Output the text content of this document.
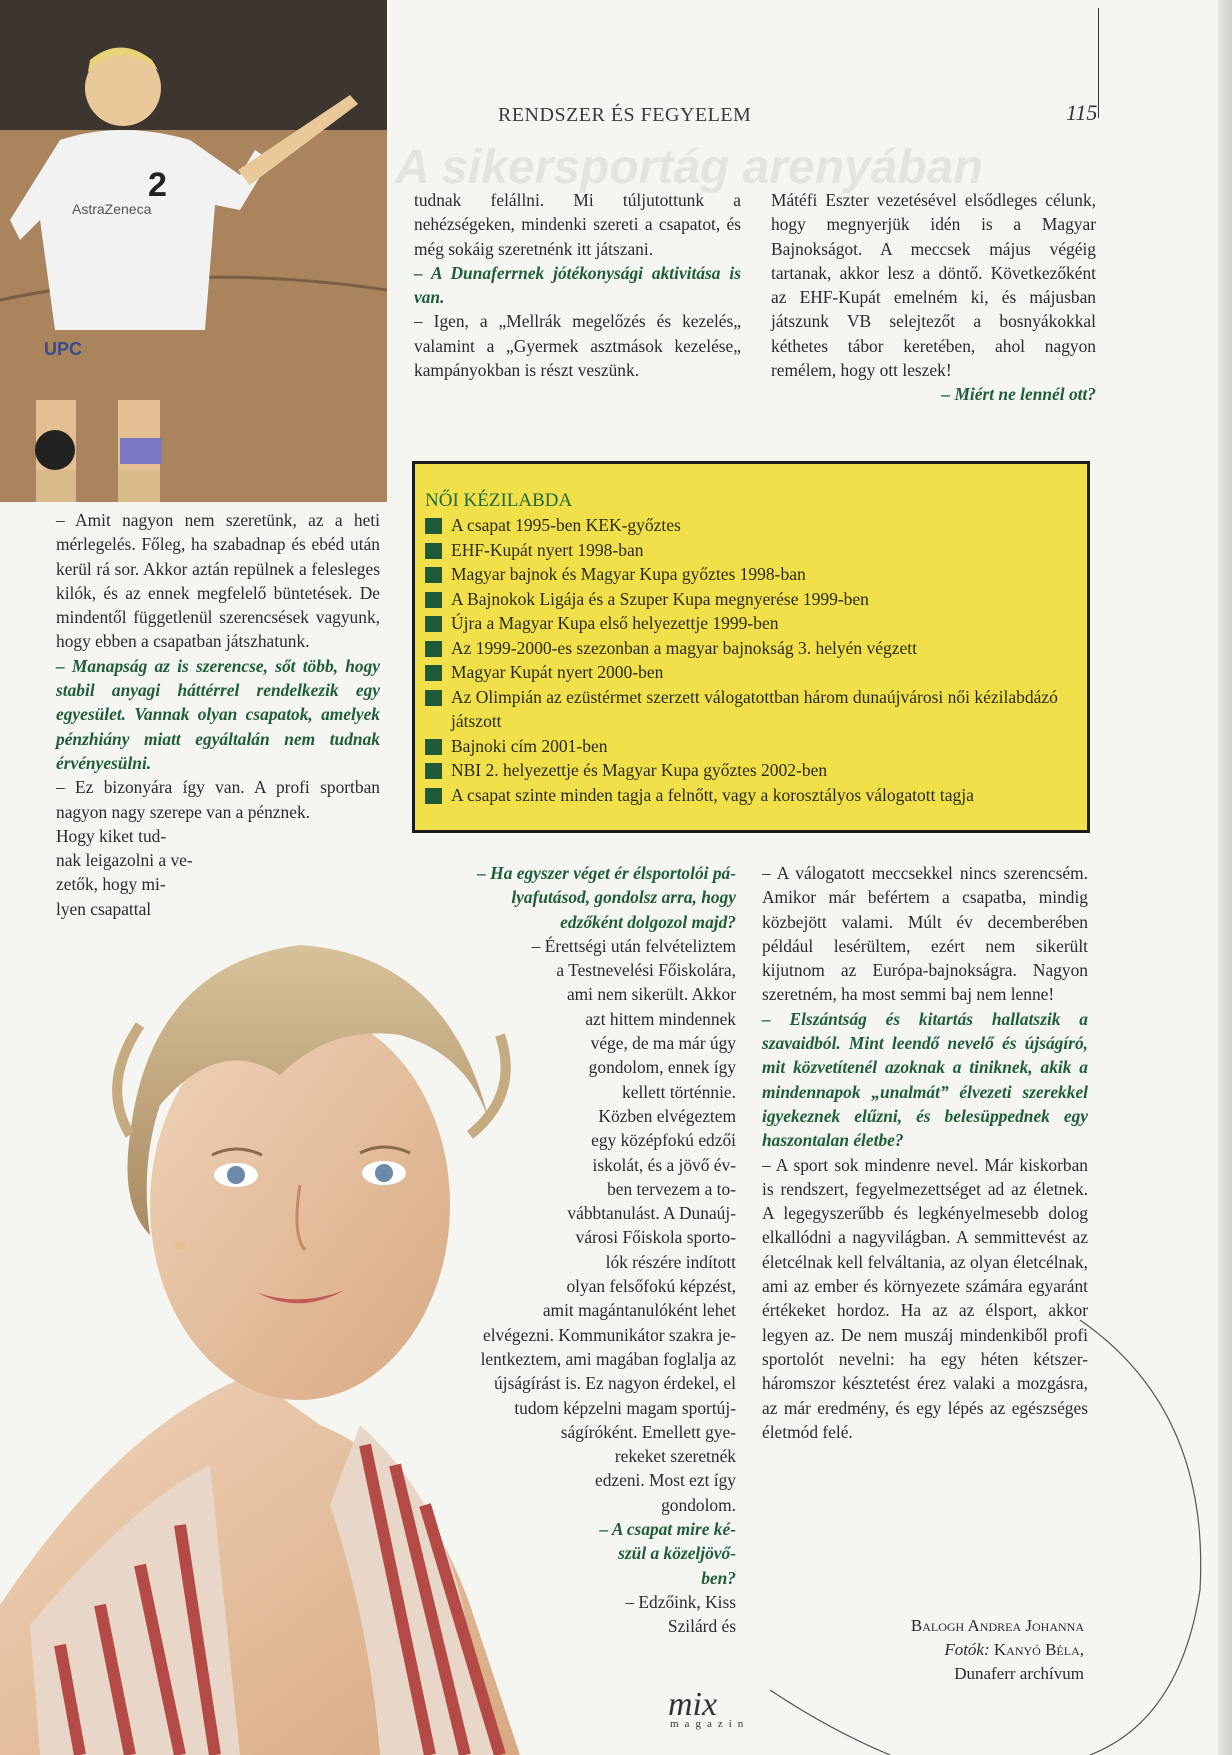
RENDSZER ÉS FEGYELEM	115
A sikersportág arenyában
2
AstraZeneca
UPC

tudnak felállni. Mi túljutottunk a nehézségeken, mindenki szereti a csapatot, és még sokáig szeretnénk itt játszani.

– A Dunaferrnek jótékonysági aktivitása is van.

– Igen, a „Mellrák megelőzés és kezelés„ valamint a „Gyermek asztmások kezelése„ kampányokban is részt veszünk.

Mátéfi Eszter vezetésével elsődleges célunk, hogy megnyerjük idén is a Magyar Bajnokságot. A meccsek május végéig tartanak, akkor lesz a döntő. Következőként az EHF-Kupát emelném ki, és májusban játszunk VB selejtezőt a bosnyákokkal kéthetes tábor keretében, ahol nagyon remélem, hogy ott leszek!

– Miért ne lennél ott?

– Amit nagyon nem szeretünk, az a heti mérlegelés. Főleg, ha szabadnap és ebéd után kerül rá sor. Akkor aztán repülnek a felesleges kilók, és az ennek megfelelő büntetések. De mindentől függetlenül szerencsések vagyunk, hogy ebben a csapatban játszhatunk.

– Manapság az is szerencse, sőt több, hogy stabil anyagi háttérrel rendelkezik egy egyesület. Vannak olyan csapatok, amelyek pénzhiány miatt egyáltalán nem tudnak érvényesülni.

– Ez bizonyára így van. A profi sportban nagyon nagy szerepe van a pénznek.

Hogy kiket tud-
nak leigazolni a ve-
zetők, hogy mi-
lyen csapattal
NŐI KÉZILABDA
A csapat 1995-ben KEK-győztes
EHF-Kupát nyert 1998-ban
Magyar bajnok és Magyar Kupa győztes 1998-ban
A Bajnokok Ligája és a Szuper Kupa megnyerése 1999-ben
Újra a Magyar Kupa első helyezettje 1999-ben
Az 1999-2000-es szezonban a magyar bajnokság 3. helyén végzett
Magyar Kupát nyert 2000-ben
Az Olimpián az ezüstérmet szerzett válogatottban három dunaújvárosi női kézilabdázó játszott
Bajnoki cím 2001-ben
NBI 2. helyezettje és Magyar Kupa győztes 2002-ben
A csapat szinte minden tagja a felnőtt, vagy a korosztályos válogatott tagja
– Ha egyszer véget ér élsportolói pá-
lyafutásod, gondolsz arra, hogy
edzőként dolgozol majd?
– Érettségi után felvételiztem
a Testnevelési Főiskolára,
ami nem sikerült. Akkor
azt hittem mindennek
vége, de ma már úgy
gondolom, ennek így
kellett történnie.
Közben elvégeztem
egy középfokú edzői
iskolát, és a jövő év-
ben tervezem a to-
vábbtanulást. A Dunaúj-
városi Főiskola sporto-
lók részére indított
olyan felsőfokú képzést,
amit magántanulóként lehet
elvégezni. Kommunikátor szakra je-
lentkeztem, ami magában foglalja az
újságírást is. Ez nagyon érdekel, el
tudom képzelni magam sportúj-
ságíróként. Emellett gye-
rekeket szeretnék
edzeni. Most ezt így
gondolom.
– A csapat mire ké-
szül a közeljövő-
ben?
– Edzőink, Kiss
Szilárd és

– A válogatott meccsekkel nincs szerencsém. Amikor már befértem a csapatba, mindig közbejött valami. Múlt év decemberében például lesérültem, ezért nem sikerült kijutnom az Európa-bajnokságra. Nagyon szeretném, ha most semmi baj nem lenne!

– Elszántság és kitartás hallatszik a szavaidból. Mint leendő nevelő és újságíró, mit közvetítenél azoknak a tiniknek, akik a mindennapok „unalmát” élvezeti szerekkel igyekeznek elűzni, és belesüppednek egy haszontalan életbe?

– A sport sok mindenre nevel. Már kiskorban is rendszert, fegyelmezettséget ad az életnek. A legegyszerűbb és legkényelmesebb dolog elkallódni a nagyvilágban. A semmittevést az életcélnak kell felváltania, az olyan életcélnak, ami az ember és környezete számára egyaránt értékeket hordoz. Ha az az élsport, akkor legyen az. De nem muszáj mindenkiből profi sportolót nevelni: ha egy héten kétszer-háromszor késztetést érez valaki a mozgásra, az már eredmény, és egy lépés az egészséges életmód felé.

Balogh Andrea Johanna
Fotók: Kanyó Béla,
Dunaferr archívum
mix
magazin
